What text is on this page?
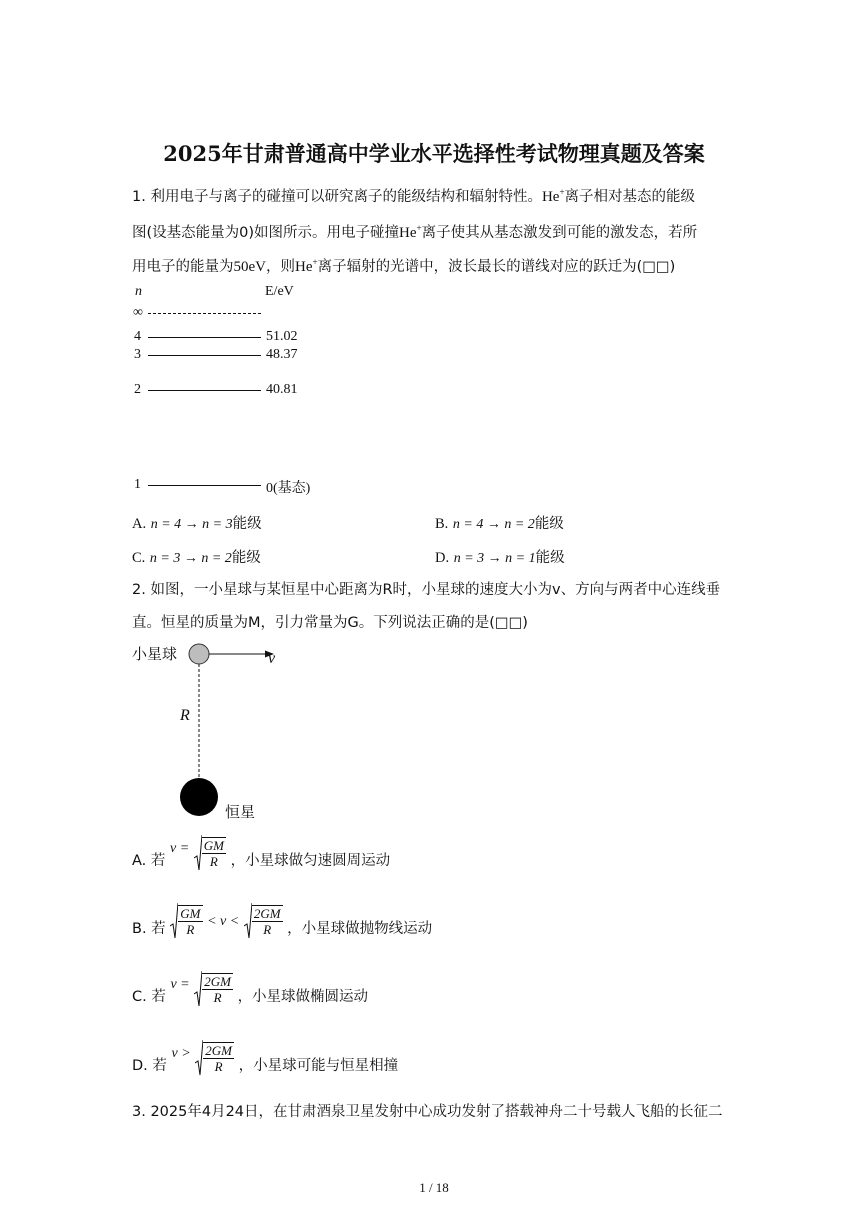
2025年甘肃普通高中学业水平选择性考试物理真题及答案
1. 利用电子与离子的碰撞可以研究离子的能级结构和辐射特性。He+离子相对基态的能级
图(设基态能量为0)如图所示。用电子碰撞He+离子使其从基态激发到可能的激发态，若所
用电子的能量为50eV，则He+离子辐射的光谱中，波长最长的谱线对应的跃迁为(□□)
n	E/eV
∞
4	51.02
3	48.37
2	40.81
1	0(基态)
A. n = 4 → n = 3能级	B. n = 4 → n = 2能级
C. n = 3 → n = 2能级	D. n = 3 → n = 1能级
2. 如图，一小星球与某恒星中心距离为R时，小星球的速度大小为v、方向与两者中心连线垂
直。恒星的质量为M，引力常量为G。下列说法正确的是(□□)
小星球	v
R
恒星
A. 若 $v = \frac{GM}{R}$ ，小星球做匀速圆周运动
B. 若 $\frac{GM}{R} < v < \frac{2GM}{R}$ ，小星球做抛物线运动
C. 若 $v = \frac{2GM}{R}$ ，小星球做椭圆运动
D. 若 $v > \frac{2GM}{R}$ ，小星球可能与恒星相撞
3. 2025年4月24日，在甘肃酒泉卫星发射中心成功发射了搭载神舟二十号载人飞船的长征二
1 / 18
